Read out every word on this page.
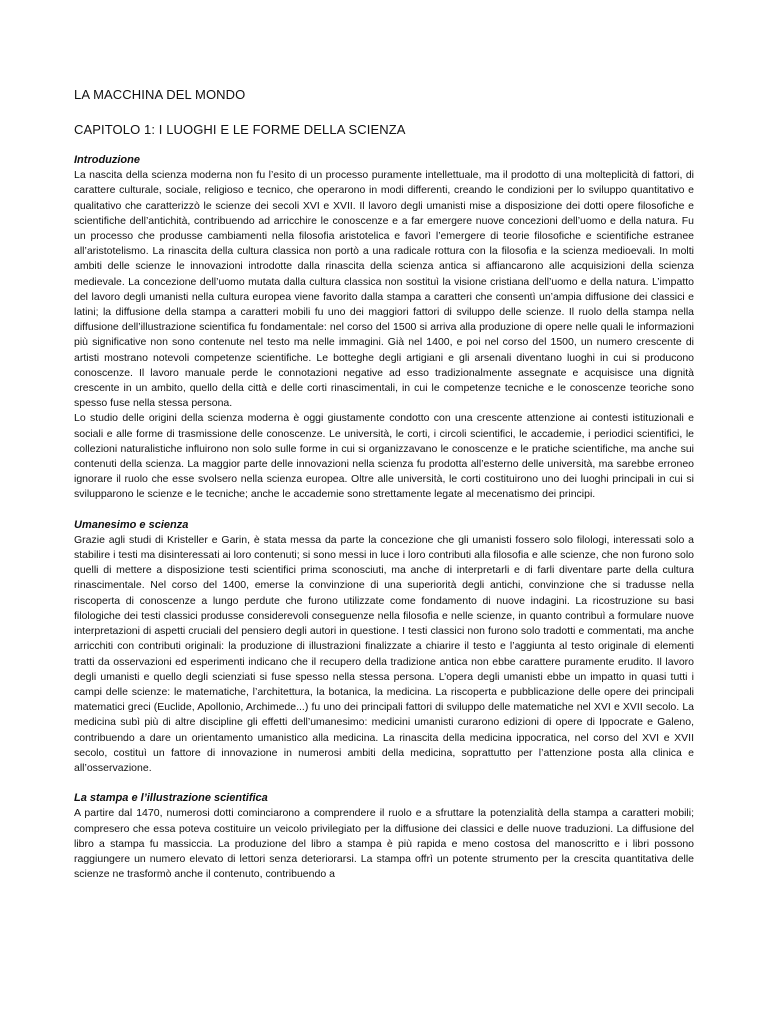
LA MACCHINA DEL MONDO
CAPITOLO 1: I LUOGHI E LE FORME DELLA SCIENZA
Introduzione

La nascita della scienza moderna non fu l’esito di un processo puramente intellettuale, ma il prodotto di una molteplicità di fattori, di carattere culturale, sociale, religioso e tecnico, che operarono in modi differenti, creando le condizioni per lo sviluppo quantitativo e qualitativo che caratterizzò le scienze dei secoli XVI e XVII. Il lavoro degli umanisti mise a disposizione dei dotti opere filosofiche e scientifiche dell’antichità, contribuendo ad arricchire le conoscenze e a far emergere nuove concezioni dell’uomo e della natura. Fu un processo che produsse cambiamenti nella filosofia aristotelica e favorì l’emergere di teorie filosofiche e scientifiche estranee all’aristotelismo. La rinascita della cultura classica non portò a una radicale rottura con la filosofia e la scienza medioevali. In molti ambiti delle scienze le innovazioni introdotte dalla rinascita della scienza antica si affiancarono alle acquisizioni della scienza medievale. La concezione dell’uomo mutata dalla cultura classica non sostituì la visione cristiana dell’uomo e della natura. L’impatto del lavoro degli umanisti nella cultura europea viene favorito dalla stampa a caratteri che consentì un’ampia diffusione dei classici e latini; la diffusione della stampa a caratteri mobili fu uno dei maggiori fattori di sviluppo delle scienze. Il ruolo della stampa nella diffusione dell’illustrazione scientifica fu fondamentale: nel corso del 1500 si arriva alla produzione di opere nelle quali le informazioni più significative non sono contenute nel testo ma nelle immagini. Già nel 1400, e poi nel corso del 1500, un numero crescente di artisti mostrano notevoli competenze scientifiche. Le botteghe degli artigiani e gli arsenali diventano luoghi in cui si producono conoscenze. Il lavoro manuale perde le connotazioni negative ad esso tradizionalmente assegnate e acquisisce una dignità crescente in un ambito, quello della città e delle corti rinascimentali, in cui le competenze tecniche e le conoscenze teoriche sono spesso fuse nella stessa persona.

Lo studio delle origini della scienza moderna è oggi giustamente condotto con una crescente attenzione ai contesti istituzionali e sociali e alle forme di trasmissione delle conoscenze. Le università, le corti, i circoli scientifici, le accademie, i periodici scientifici, le collezioni naturalistiche influirono non solo sulle forme in cui si organizzavano le conoscenze e le pratiche scientifiche, ma anche sui contenuti della scienza. La maggior parte delle innovazioni nella scienza fu prodotta all’esterno delle università, ma sarebbe erroneo ignorare il ruolo che esse svolsero nella scienza europea. Oltre alle università, le corti costituirono uno dei luoghi principali in cui si svilupparono le scienze e le tecniche; anche le accademie sono strettamente legate al mecenatismo dei principi.

Umanesimo e scienza

Grazie agli studi di Kristeller e Garin, è stata messa da parte la concezione che gli umanisti fossero solo filologi, interessati solo a stabilire i testi ma disinteressati ai loro contenuti; si sono messi in luce i loro contributi alla filosofia e alle scienze, che non furono solo quelli di mettere a disposizione testi scientifici prima sconosciuti, ma anche di interpretarli e di farli diventare parte della cultura rinascimentale. Nel corso del 1400, emerse la convinzione di una superiorità degli antichi, convinzione che si tradusse nella riscoperta di conoscenze a lungo perdute che furono utilizzate come fondamento di nuove indagini. La ricostruzione su basi filologiche dei testi classici produsse considerevoli conseguenze nella filosofia e nelle scienze, in quanto contribuì a formulare nuove interpretazioni di aspetti cruciali del pensiero degli autori in questione. I testi classici non furono solo tradotti e commentati, ma anche arricchiti con contributi originali: la produzione di illustrazioni finalizzate a chiarire il testo e l’aggiunta al testo originale di elementi tratti da osservazioni ed esperimenti indicano che il recupero della tradizione antica non ebbe carattere puramente erudito. Il lavoro degli umanisti e quello degli scienziati si fuse spesso nella stessa persona. L’opera degli umanisti ebbe un impatto in quasi tutti i campi delle scienze: le matematiche, l’architettura, la botanica, la medicina. La riscoperta e pubblicazione delle opere dei principali matematici greci (Euclide, Apollonio, Archimede...) fu uno dei principali fattori di sviluppo delle matematiche nel XVI e XVII secolo. La medicina subì più di altre discipline gli effetti dell’umanesimo: medicini umanisti curarono edizioni di opere di Ippocrate e Galeno, contribuendo a dare un orientamento umanistico alla medicina. La rinascita della medicina ippocratica, nel corso del XVI e XVII secolo, costituì un fattore di innovazione in numerosi ambiti della medicina, soprattutto per l’attenzione posta alla clinica e all’osservazione.

La stampa e l’illustrazione scientifica

A partire dal 1470, numerosi dotti cominciarono a comprendere il ruolo e a sfruttare la potenzialità della stampa a caratteri mobili; compresero che essa poteva costituire un veicolo privilegiato per la diffusione dei classici e delle nuove traduzioni. La diffusione del libro a stampa fu massiccia. La produzione del libro a stampa è più rapida e meno costosa del manoscritto e i libri possono raggiungere un numero elevato di lettori senza deteriorarsi. La stampa offrì un potente strumento per la crescita quantitativa delle scienze ne trasformò anche il contenuto, contribuendo a
